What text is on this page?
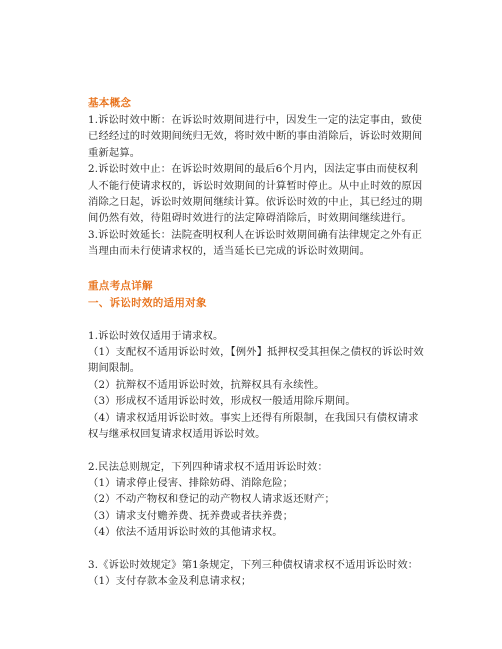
基本概念

1.诉讼时效中断：在诉讼时效期间进行中，因发生一定的法定事由，致使已经经过的时效期间统归无效，将时效中断的事由消除后，诉讼时效期间重新起算。

2.诉讼时效中止：在诉讼时效期间的最后6个月内，因法定事由而使权利人不能行使请求权的，诉讼时效期间的计算暂时停止。从中止时效的原因消除之日起，诉讼时效期间继续计算。依诉讼时效的中止，其已经过的期间仍然有效，待阻碍时效进行的法定障碍消除后，时效期间继续进行。

3.诉讼时效延长：法院查明权利人在诉讼时效期间确有法律规定之外有正当理由而未行使请求权的，适当延长已完成的诉讼时效期间。

重点考点详解
一、诉讼时效的适用对象

1.诉讼时效仅适用于请求权。

（1）支配权不适用诉讼时效，【例外】抵押权受其担保之债权的诉讼时效期间限制。

（2）抗辩权不适用诉讼时效，抗辩权具有永续性。

（3）形成权不适用诉讼时效，形成权一般适用除斥期间。

（4）请求权适用诉讼时效。事实上还得有所限制，在我国只有债权请求权与继承权回复请求权适用诉讼时效。

2.民法总则规定，下列四种请求权不适用诉讼时效：

（1）请求停止侵害、排除妨碍、消除危险；

（2）不动产物权和登记的动产物权人请求返还财产；

（3）请求支付赡养费、抚养费或者扶养费；

（4）依法不适用诉讼时效的其他请求权。

3.《诉讼时效规定》第1条规定，下列三种债权请求权不适用诉讼时效：

（1）支付存款本金及利息请求权；
